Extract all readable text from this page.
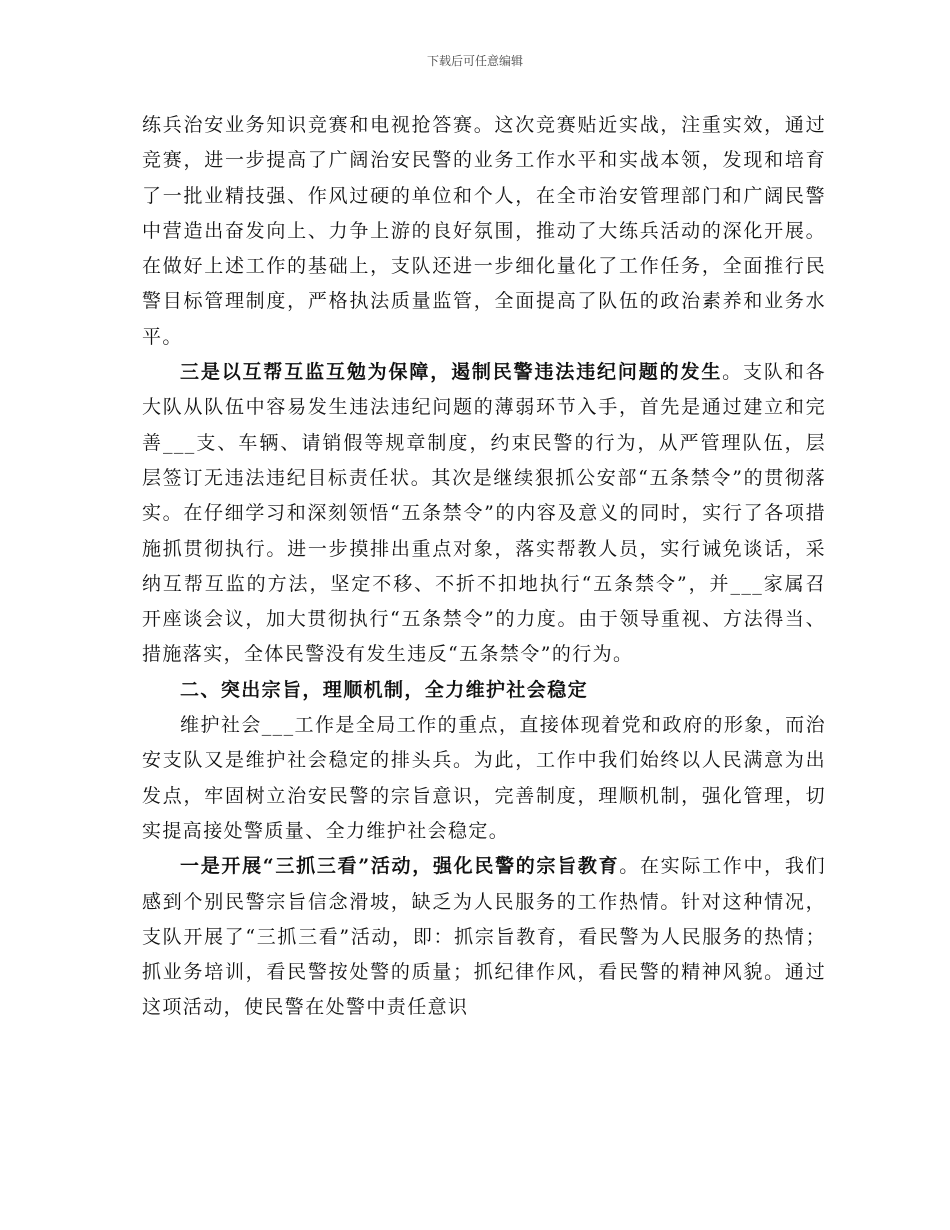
下载后可任意编辑

练兵治安业务知识竞赛和电视抢答赛。这次竞赛贴近实战，注重实效，通过竞赛，进一步提高了广阔治安民警的业务工作水平和实战本领，发现和培育了一批业精技强、作风过硬的单位和个人，在全市治安管理部门和广阔民警中营造出奋发向上、力争上游的良好氛围，推动了大练兵活动的深化开展。在做好上述工作的基础上，支队还进一步细化量化了工作任务，全面推行民警目标管理制度，严格执法质量监管，全面提高了队伍的政治素养和业务水平。

三是以互帮互监互勉为保障，遏制民警违法违纪问题的发生。支队和各大队从队伍中容易发生违法违纪问题的薄弱环节入手，首先是通过建立和完善___支、车辆、请销假等规章制度，约束民警的行为，从严管理队伍，层层签订无违法违纪目标责任状。其次是继续狠抓公安部“五条禁令”的贯彻落实。在仔细学习和深刻领悟“五条禁令”的内容及意义的同时，实行了各项措施抓贯彻执行。进一步摸排出重点对象，落实帮教人员，实行诫免谈话，采纳互帮互监的方法，坚定不移、不折不扣地执行“五条禁令”，并___家属召开座谈会议，加大贯彻执行“五条禁令”的力度。由于领导重视、方法得当、措施落实，全体民警没有发生违反“五条禁令”的行为。

二、突出宗旨，理顺机制，全力维护社会稳定

维护社会___工作是全局工作的重点，直接体现着党和政府的形象，而治安支队又是维护社会稳定的排头兵。为此，工作中我们始终以人民满意为出发点，牢固树立治安民警的宗旨意识，完善制度，理顺机制，强化管理，切实提高接处警质量、全力维护社会稳定。

一是开展“三抓三看”活动，强化民警的宗旨教育。在实际工作中，我们感到个别民警宗旨信念滑坡，缺乏为人民服务的工作热情。针对这种情况，支队开展了“三抓三看”活动，即：抓宗旨教育，看民警为人民服务的热情；抓业务培训，看民警按处警的质量；抓纪律作风，看民警的精神风貌。通过这项活动，使民警在处警中责任意识
